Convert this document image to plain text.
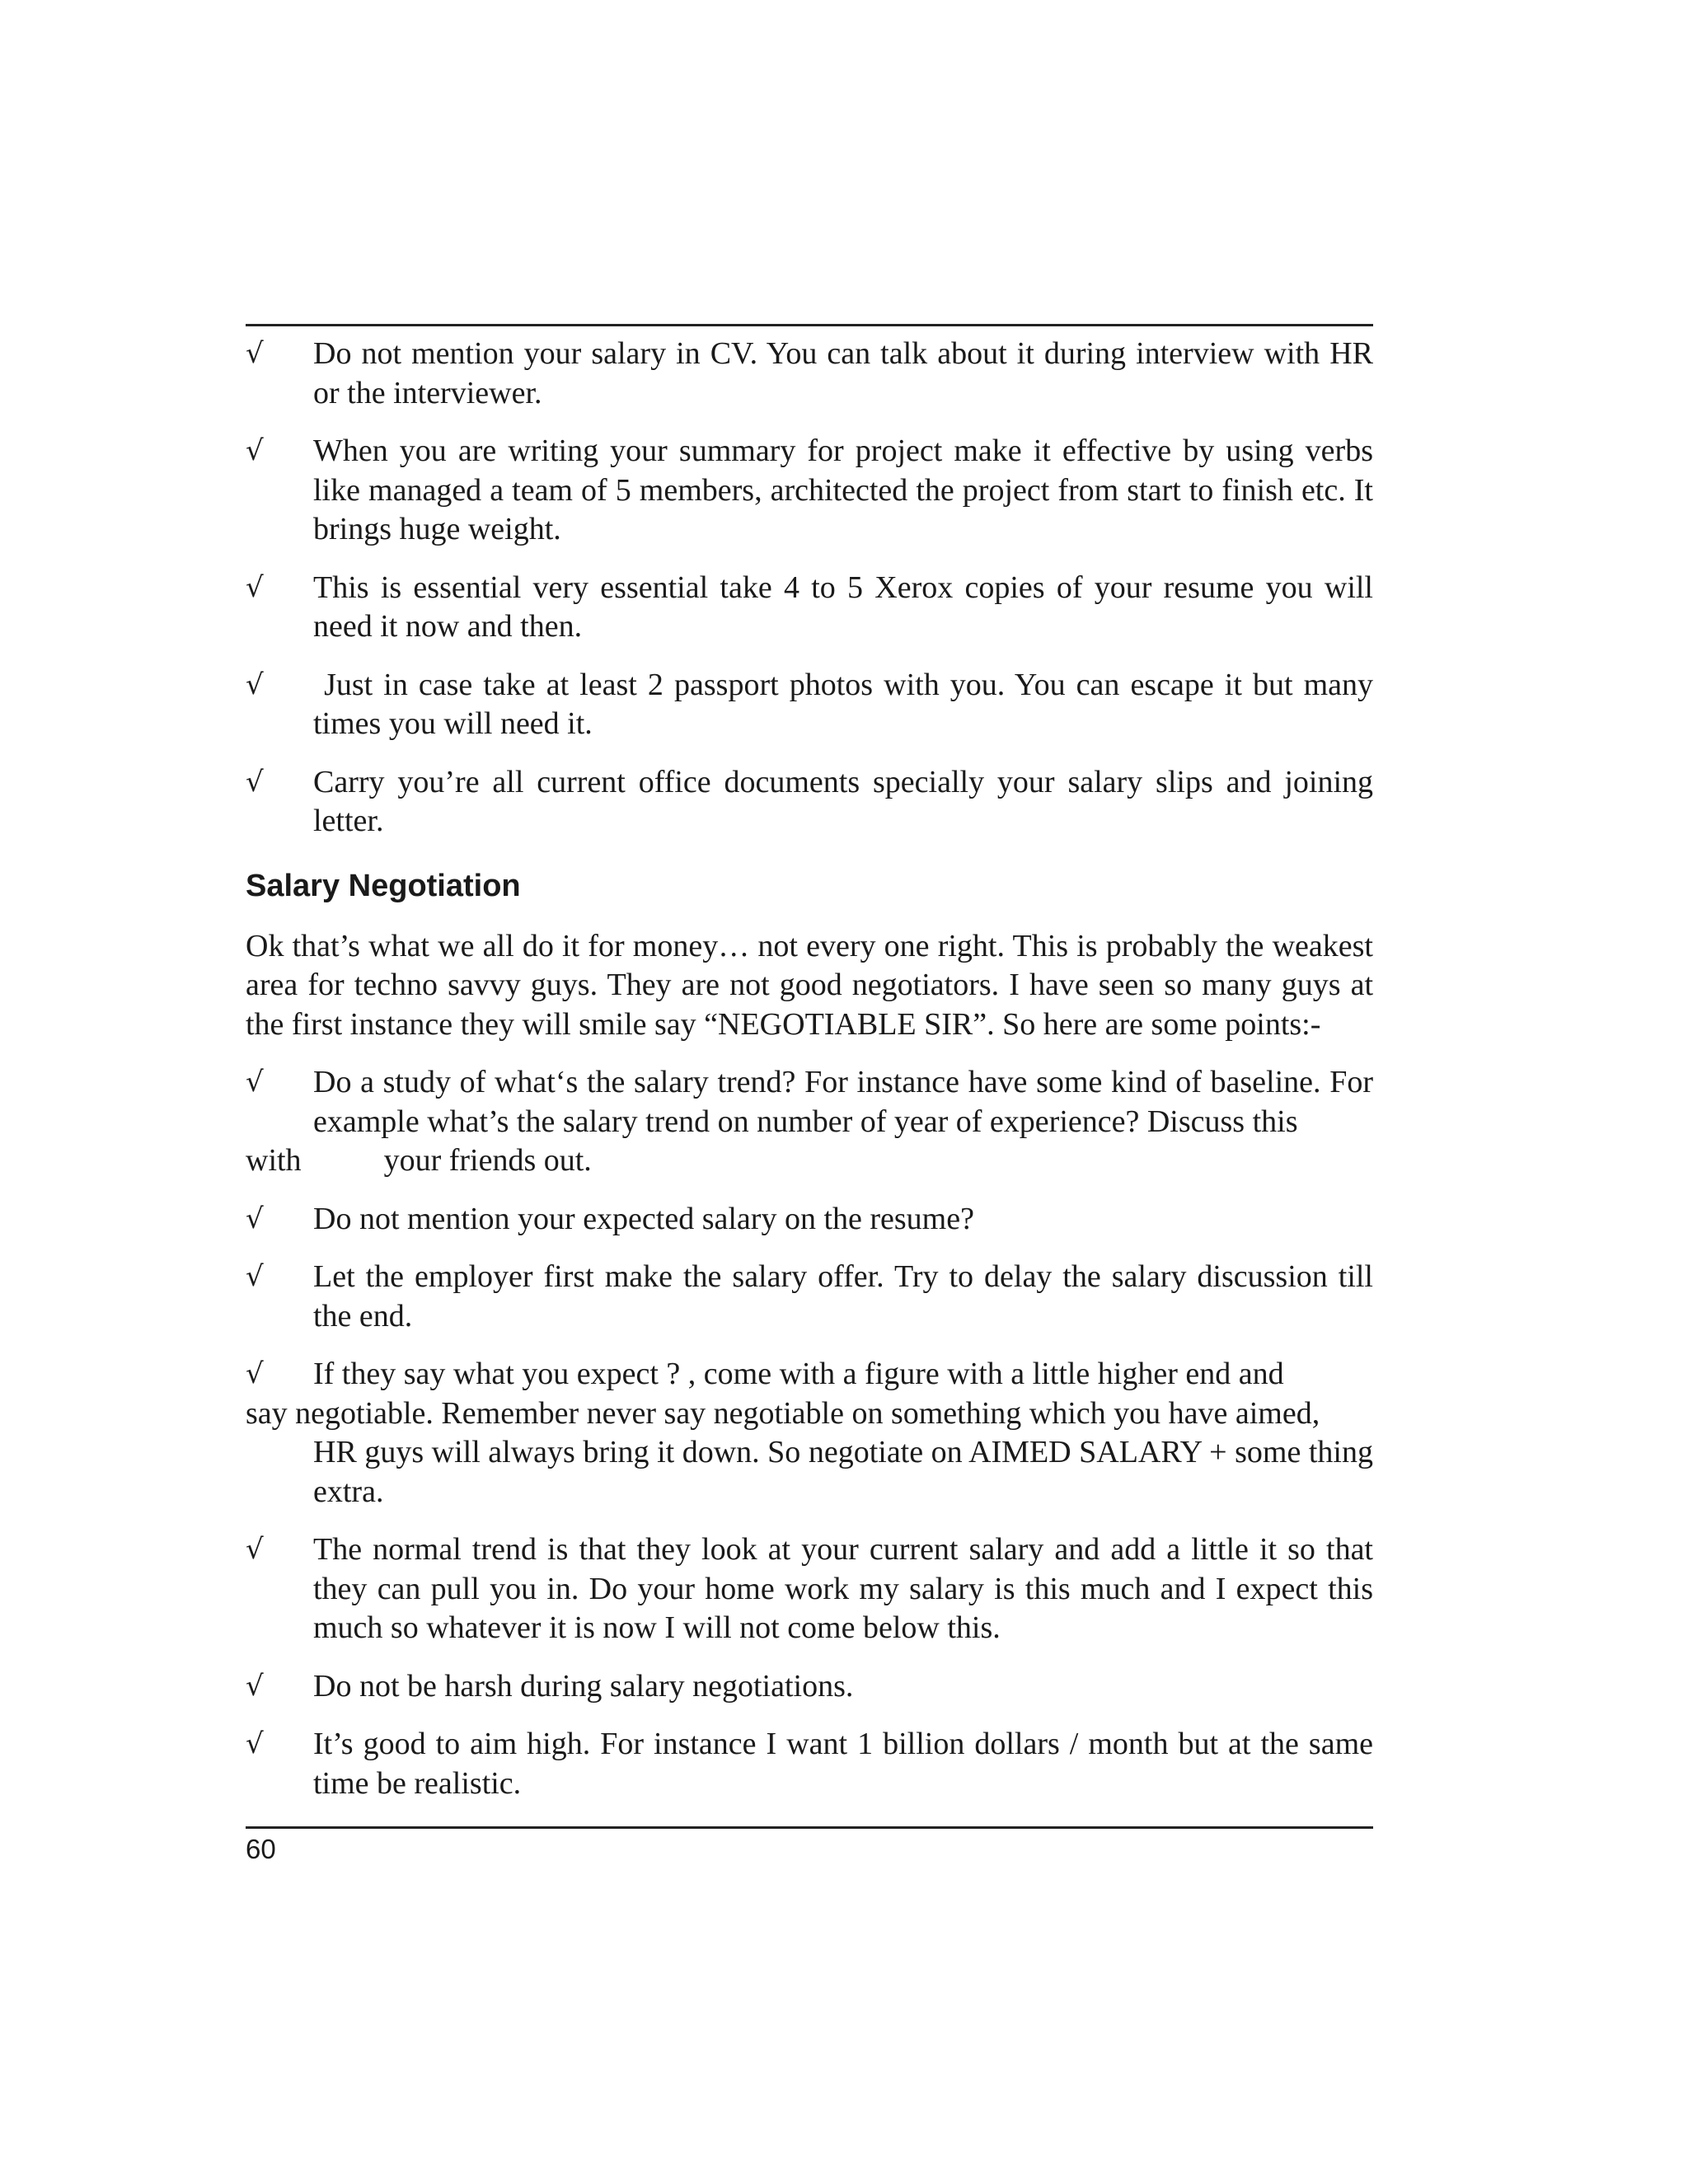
√ Do not mention your salary in CV. You can talk about it during interview with HR or the interviewer.
√ When you are writing your summary for project make it effective by using verbs like managed a team of 5 members, architected the project from start to finish etc. It brings huge weight.
√ This is essential very essential take 4 to 5 Xerox copies of your resume you will need it now and then.
√ Just in case take at least 2 passport photos with you. You can escape it but many times you will need it.
√ Carry you’re all current office documents specially your salary slips and joining letter.
Salary Negotiation
Ok that’s what we all do it for money… not every one right. This is probably the weakest area for techno savvy guys. They are not good negotiators. I have seen so many guys at the first instance they will smile say “NEGOTIABLE SIR”. So here are some points:-
√	Do a study of what‘s the salary trend? For instance have some kind of baseline. For example what’s the salary trend on number of year of experience? Discuss this
with	your friends out.
√ Do not mention your expected salary on the resume?
√ Let the employer first make the salary offer. Try to delay the salary discussion till the end.
√	If they say what you expect ? , come with a figure with a little higher end and
say negotiable. Remember never say negotiable on something which you have aimed,
HR guys will always bring it down. So negotiate on AIMED SALARY + some thing extra.
√ The normal trend is that they look at your current salary and add a little it so that they can pull you in. Do your home work my salary is this much and I expect this much so whatever it is now I will not come below this.
√ Do not be harsh during salary negotiations.
√ It’s good to aim high. For instance I want 1 billion dollars / month but at the same time be realistic.
60
